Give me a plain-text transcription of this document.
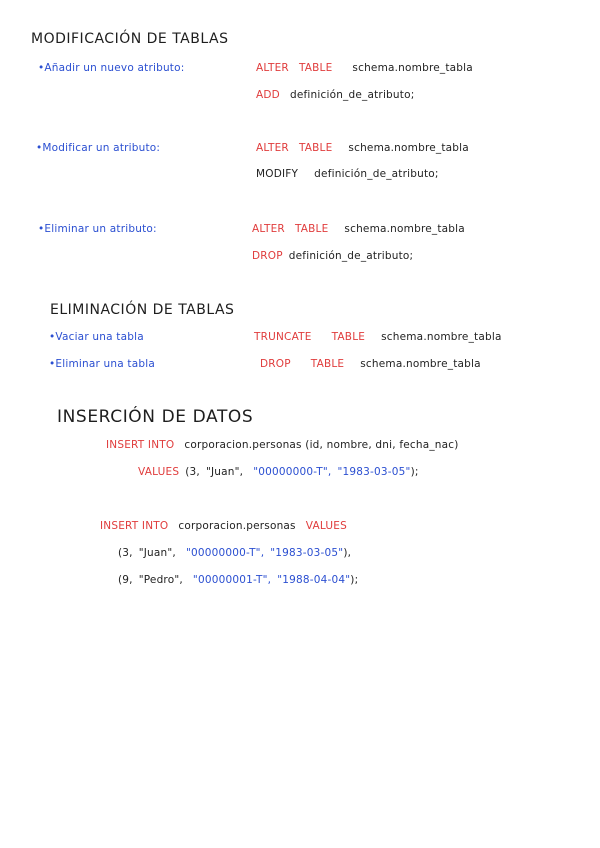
MODIFICACIÓN DE TABLAS
•Añadir un nuevo atributo:	ALTER TABLE schema.nombre_tabla
ADD definición_de_atributo;
•Modificar un atributo:	ALTER TABLE schema.nombre_tabla
MODIFY definición_de_atributo;
•Eliminar un atributo:	ALTER TABLE schema.nombre_tabla
DROP definición_de_atributo;
ELIMINACIÓN DE TABLAS
•Vaciar una tabla	TRUNCATE TABLE schema.nombre_tabla
•Eliminar una tabla	DROP TABLE schema.nombre_tabla
INSERCIÓN DE DATOS
INSERT INTO corporacion.personas (id, nombre, dni, fecha_nac)
VALUES (3, "Juan", "00000000-T", "1983-03-05");
INSERT INTO corporacion.personas VALUES
(3, "Juan", "00000000-T", "1983-03-05"),
(9, "Pedro", "00000001-T", "1988-04-04");
